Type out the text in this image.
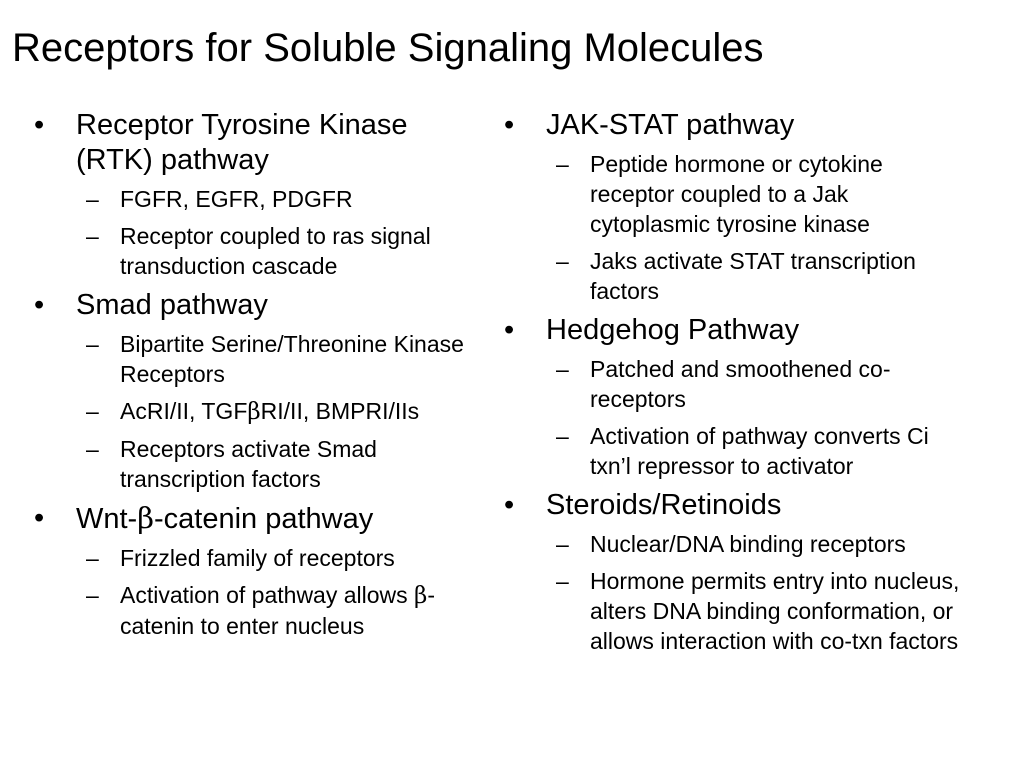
Receptors for Soluble Signaling Molecules
• Receptor Tyrosine Kinase (RTK) pathway
– FGFR, EGFR, PDGFR
– Receptor coupled to ras signal transduction cascade
• Smad pathway
– Bipartite Serine/Threonine Kinase Receptors
– AcRI/II, TGFβRI/II, BMPRI/IIs
– Receptors activate Smad transcription factors
• Wnt-β-catenin pathway
– Frizzled family of receptors
– Activation of pathway allows β-catenin to enter nucleus
• JAK-STAT pathway
– Peptide hormone or cytokine receptor coupled to a Jak cytoplasmic tyrosine kinase
– Jaks activate STAT transcription factors
• Hedgehog Pathway
– Patched and smoothened co-receptors
– Activation of pathway converts Ci txn’l repressor to activator
• Steroids/Retinoids
– Nuclear/DNA binding receptors
– Hormone permits entry into nucleus, alters DNA binding conformation, or allows interaction with co-txn factors
